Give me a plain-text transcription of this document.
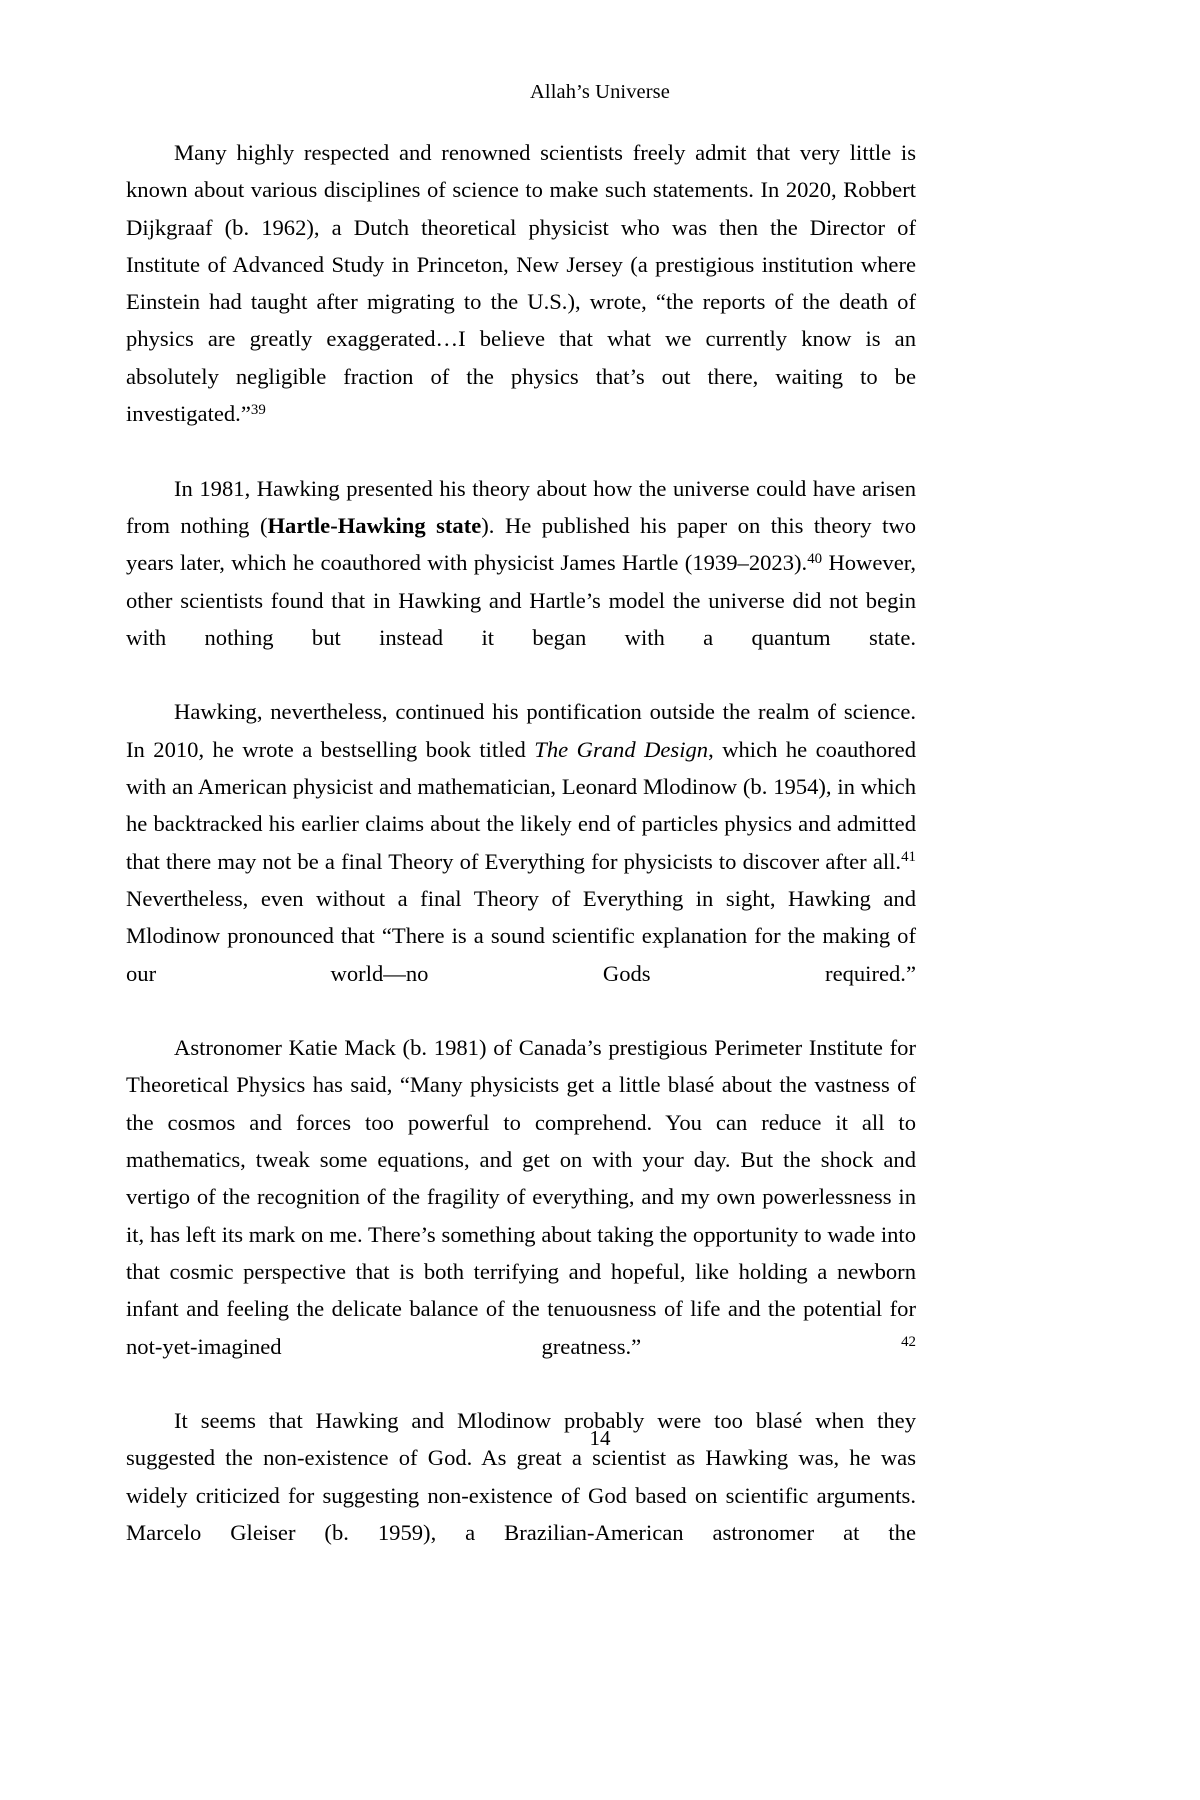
Allah’s Universe

Many highly respected and renowned scientists freely admit that very little is known about various disciplines of science to make such statements. In 2020, Robbert Dijkgraaf (b. 1962), a Dutch theoretical physicist who was then the Director of Institute of Advanced Study in Princeton, New Jersey (a prestigious institution where Einstein had taught after migrating to the U.S.), wrote, “the reports of the death of physics are greatly exaggerated…I believe that what we currently know is an absolutely negligible fraction of the physics that’s out there, waiting to be investigated.”$^{39}$

In 1981, Hawking presented his theory about how the universe could have arisen from nothing (Hartle-Hawking state). He published his paper on this theory two years later, which he coauthored with physicist James Hartle (1939–2023).$^{40}$ However, other scientists found that in Hawking and Hartle’s model the universe did not begin with nothing but instead it began with a quantum state.

Hawking, nevertheless, continued his pontification outside the realm of science. In 2010, he wrote a bestselling book titled The Grand Design, which he coauthored with an American physicist and mathematician, Leonard Mlodinow (b. 1954), in which he backtracked his earlier claims about the likely end of particles physics and admitted that there may not be a final Theory of Everything for physicists to discover after all.$^{41}$ Nevertheless, even without a final Theory of Everything in sight, Hawking and Mlodinow pronounced that “There is a sound scientific explanation for the making of our world—no Gods required.”

Astronomer Katie Mack (b. 1981) of Canada’s prestigious Perimeter Institute for Theoretical Physics has said, “Many physicists get a little blasé about the vastness of the cosmos and forces too powerful to comprehend. You can reduce it all to mathematics, tweak some equations, and get on with your day. But the shock and vertigo of the recognition of the fragility of everything, and my own powerlessness in it, has left its mark on me. There’s something about taking the opportunity to wade into that cosmic perspective that is both terrifying and hopeful, like holding a newborn infant and feeling the delicate balance of the tenuousness of life and the potential for not-yet-imagined greatness.” $^{42}$

It seems that Hawking and Mlodinow probably were too blasé when they suggested the non-existence of God. As great a scientist as Hawking was, he was widely criticized for suggesting non-existence of God based on scientific arguments. Marcelo Gleiser (b. 1959), a Brazilian-American astronomer at the

14
